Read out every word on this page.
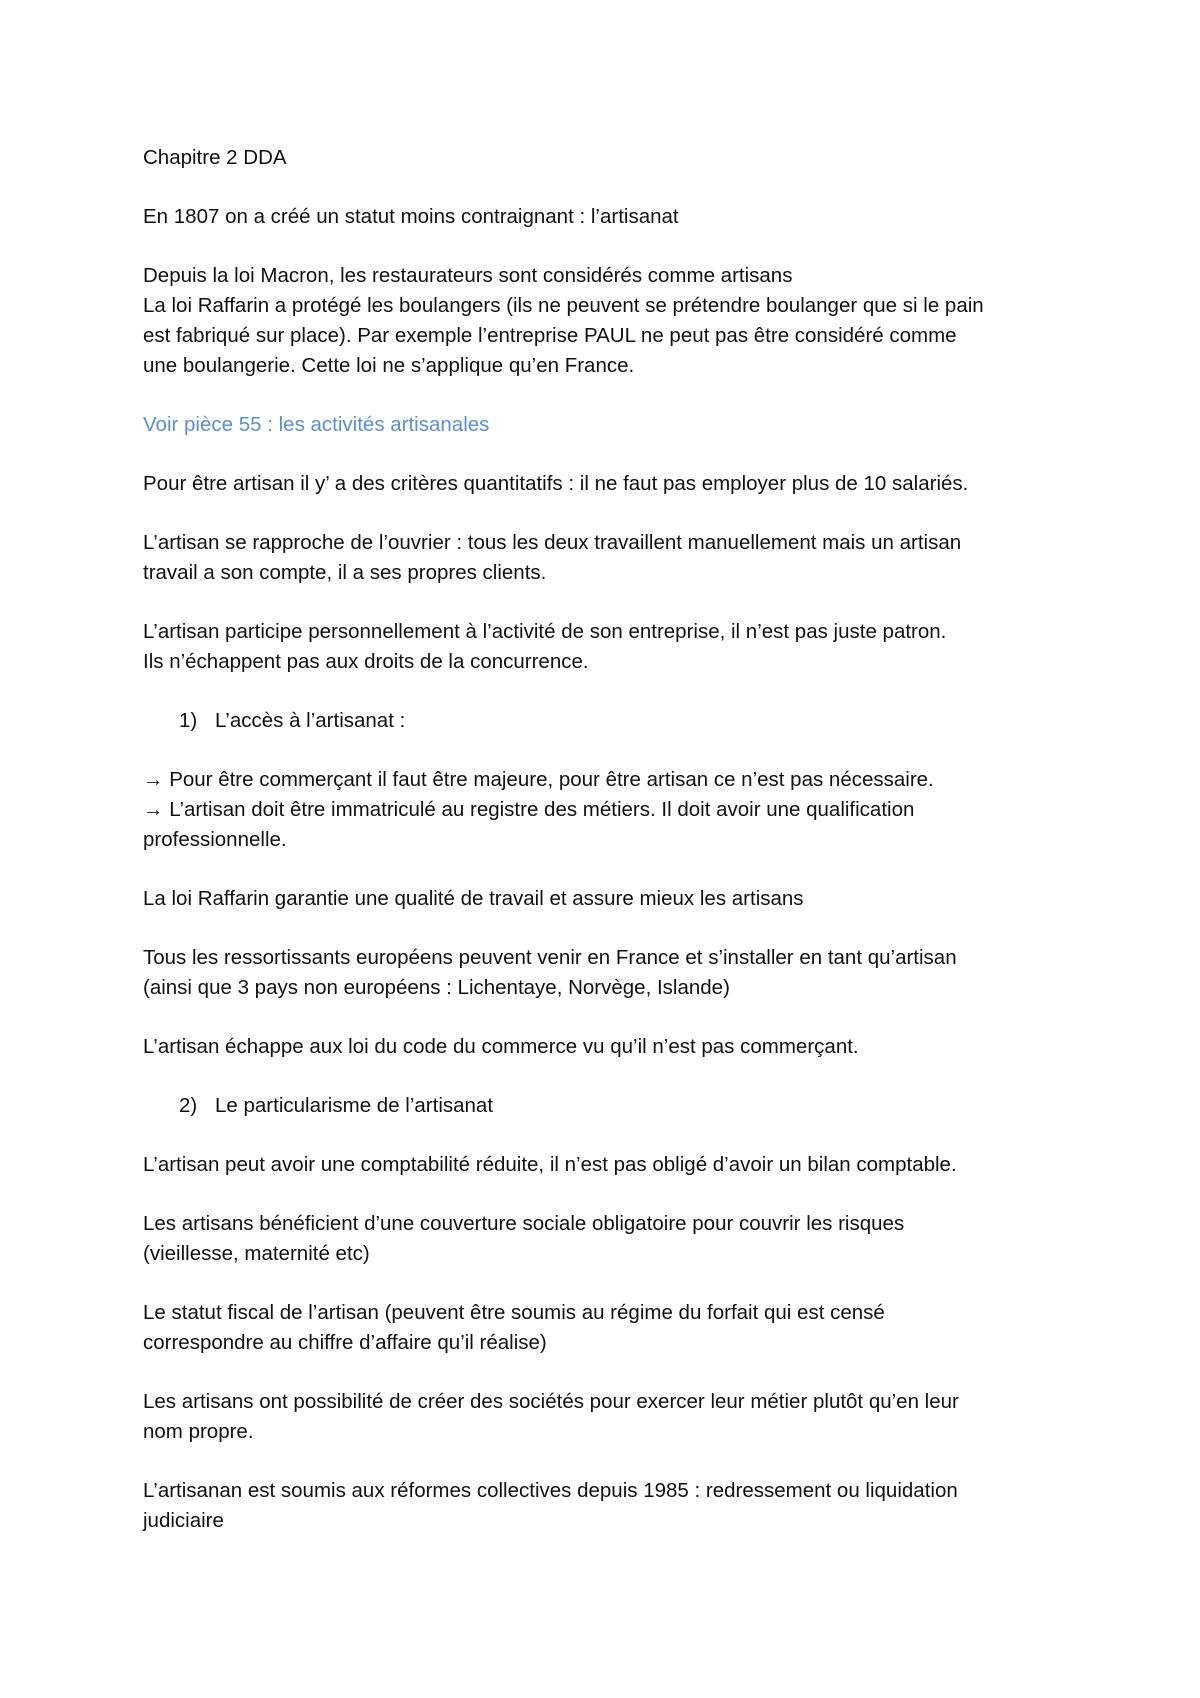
Chapitre 2 DDA

En 1807 on a créé un statut moins contraignant : l’artisanat

Depuis la loi Macron, les restaurateurs sont considérés comme artisans
La loi Raffarin a protégé les boulangers (ils ne peuvent se prétendre boulanger que si le pain
est fabriqué sur place). Par exemple l’entreprise PAUL ne peut pas être considéré comme
une boulangerie. Cette loi ne s’applique qu’en France.

Voir pièce 55 : les activités artisanales

Pour être artisan il y’ a des critères quantitatifs : il ne faut pas employer plus de 10 salariés.

L’artisan se rapproche de l’ouvrier : tous les deux travaillent manuellement mais un artisan
travail a son compte, il a ses propres clients.

L’artisan participe personnellement à l’activité de son entreprise, il n’est pas juste patron.
Ils n’échappent pas aux droits de la concurrence.

1) L’accès à l’artisanat :

→ Pour être commerçant il faut être majeure, pour être artisan ce n’est pas nécessaire.
→ L’artisan doit être immatriculé au registre des métiers. Il doit avoir une qualification
professionnelle.

La loi Raffarin garantie une qualité de travail et assure mieux les artisans

Tous les ressortissants européens peuvent venir en France et s’installer en tant qu’artisan
(ainsi que 3 pays non européens : Lichentaye, Norvège, Islande)

L’artisan échappe aux loi du code du commerce vu qu’il n’est pas commerçant.

2) Le particularisme de l’artisanat

L’artisan peut avoir une comptabilité réduite, il n’est pas obligé d’avoir un bilan comptable.

Les artisans bénéficient d’une couverture sociale obligatoire pour couvrir les risques
(vieillesse, maternité etc)

Le statut fiscal de l’artisan (peuvent être soumis au régime du forfait qui est censé
correspondre au chiffre d’affaire qu’il réalise)

Les artisans ont possibilité de créer des sociétés pour exercer leur métier plutôt qu’en leur
nom propre.

L’artisanan est soumis aux réformes collectives depuis 1985 : redressement ou liquidation
judiciaire
